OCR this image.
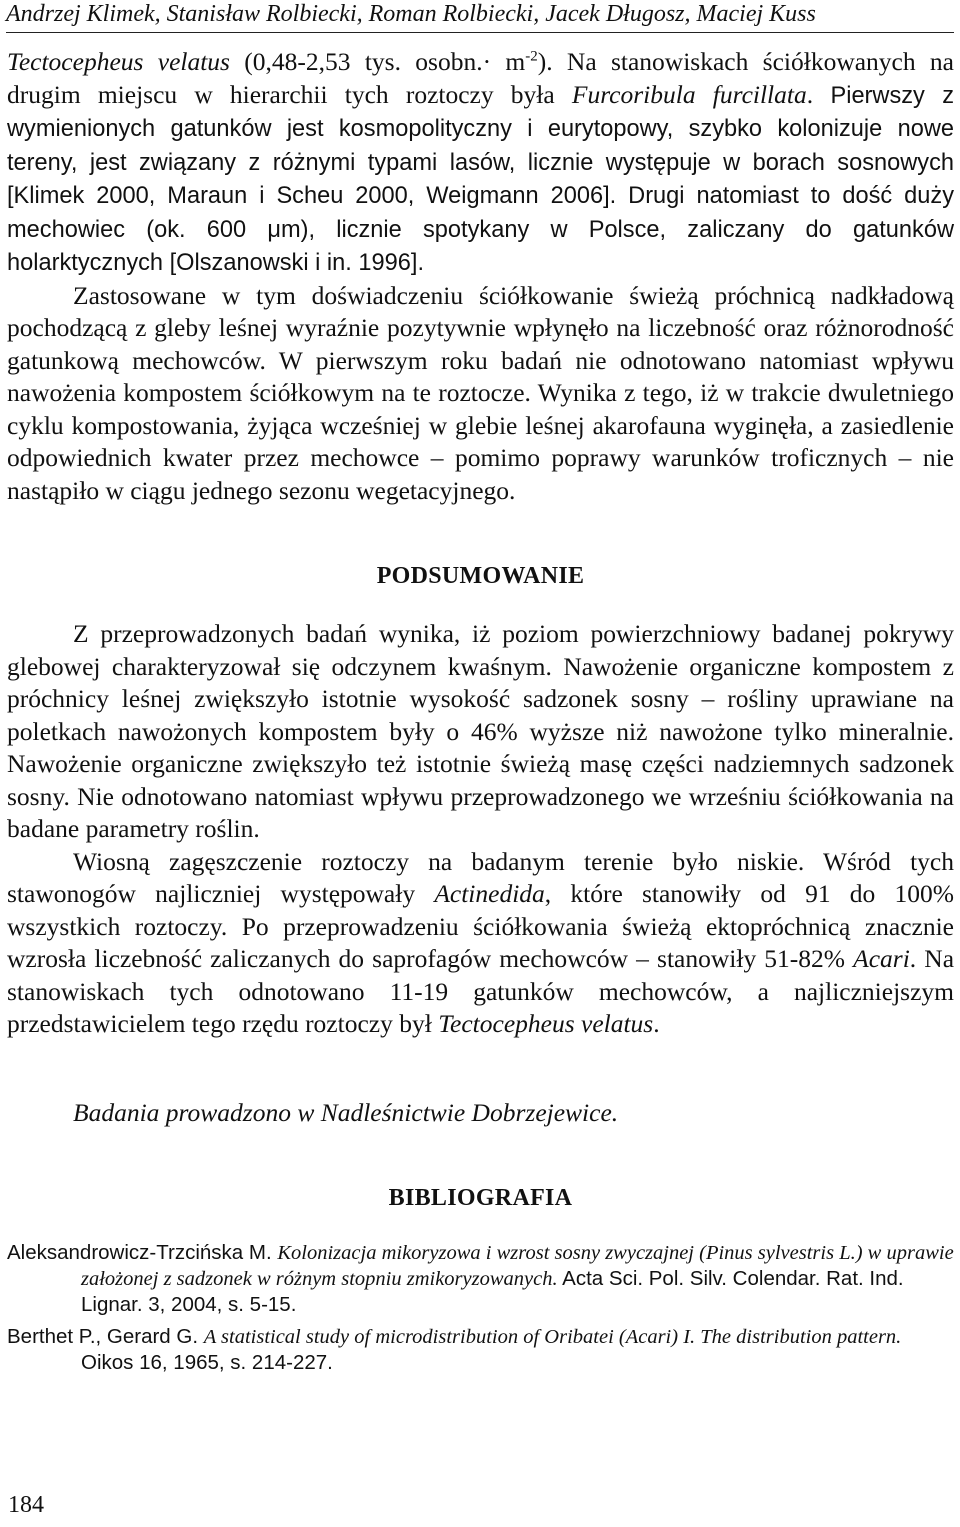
Andrzej Klimek, Stanisław Rolbiecki, Roman Rolbiecki, Jacek Długosz, Maciej Kuss

Tectocepheus velatus (0,48-2,53 tys. osobn.· $m^{-2}$). Na stanowiskach ściółkowanych na drugim miejscu w hierarchii tych roztoczy była Furcoribula furcillata. Pierwszy z wymienionych gatunków jest kosmopolityczny i eurytopowy, szybko kolonizuje nowe tereny, jest związany z różnymi typami lasów, licznie występuje w borach sosnowych [Klimek 2000, Maraun i Scheu 2000, Weigmann 2006]. Drugi natomiast to dość duży mechowiec (ok. 600 μm), licznie spotykany w Polsce, zaliczany do gatunków holarktycznych [Olszanowski i in. 1996].

Zastosowane w tym doświadczeniu ściółkowanie świeżą próchnicą nadkładową pochodzącą z gleby leśnej wyraźnie pozytywnie wpłynęło na liczebność oraz różnorodność gatunkową mechowców. W pierwszym roku badań nie odnotowano natomiast wpływu nawożenia kompostem ściółkowym na te roztocze. Wynika z tego, iż w trakcie dwuletniego cyklu kompostowania, żyjąca wcześniej w glebie leśnej akarofauna wyginęła, a zasiedlenie odpowiednich kwater przez mechowce – pomimo poprawy warunków troficznych – nie nastąpiło w ciągu jednego sezonu wegetacyjnego.

PODSUMOWANIE

Z przeprowadzonych badań wynika, iż poziom powierzchniowy badanej pokrywy glebowej charakteryzował się odczynem kwaśnym. Nawożenie organiczne kompostem z próchnicy leśnej zwiększyło istotnie wysokość sadzonek sosny – rośliny uprawiane na poletkach nawożonych kompostem były o 46% wyższe niż nawożone tylko mineralnie. Nawożenie organiczne zwiększyło też istotnie świeżą masę części nadziemnych sadzonek sosny. Nie odnotowano natomiast wpływu przeprowadzonego we wrześniu ściółkowania na badane parametry roślin.

Wiosną zagęszczenie roztoczy na badanym terenie było niskie. Wśród tych stawonogów najliczniej występowały Actinedida, które stanowiły od 91 do 100% wszystkich roztoczy. Po przeprowadzeniu ściółkowania świeżą ektopróchnicą znacznie wzrosła liczebność zaliczanych do saprofagów mechowców – stanowiły 51-82% Acari. Na stanowiskach tych odnotowano 11-19 gatunków mechowców, a najliczniejszym przedstawicielem tego rzędu roztoczy był Tectocepheus velatus.

Badania prowadzono w Nadleśnictwie Dobrzejewice.

BIBLIOGRAFIA

Aleksandrowicz-Trzcińska M. Kolonizacja mikoryzowa i wzrost sosny zwyczajnej (Pinus sylvestris L.) w uprawie założonej z sadzonek w różnym stopniu zmikoryzowanych. Acta Sci. Pol. Silv. Colendar. Rat. Ind. Lignar. 3, 2004, s. 5-15.

Berthet P., Gerard G. A statistical study of microdistribution of Oribatei (Acari) I. The distribution pattern. Oikos 16, 1965, s. 214-227.

184
